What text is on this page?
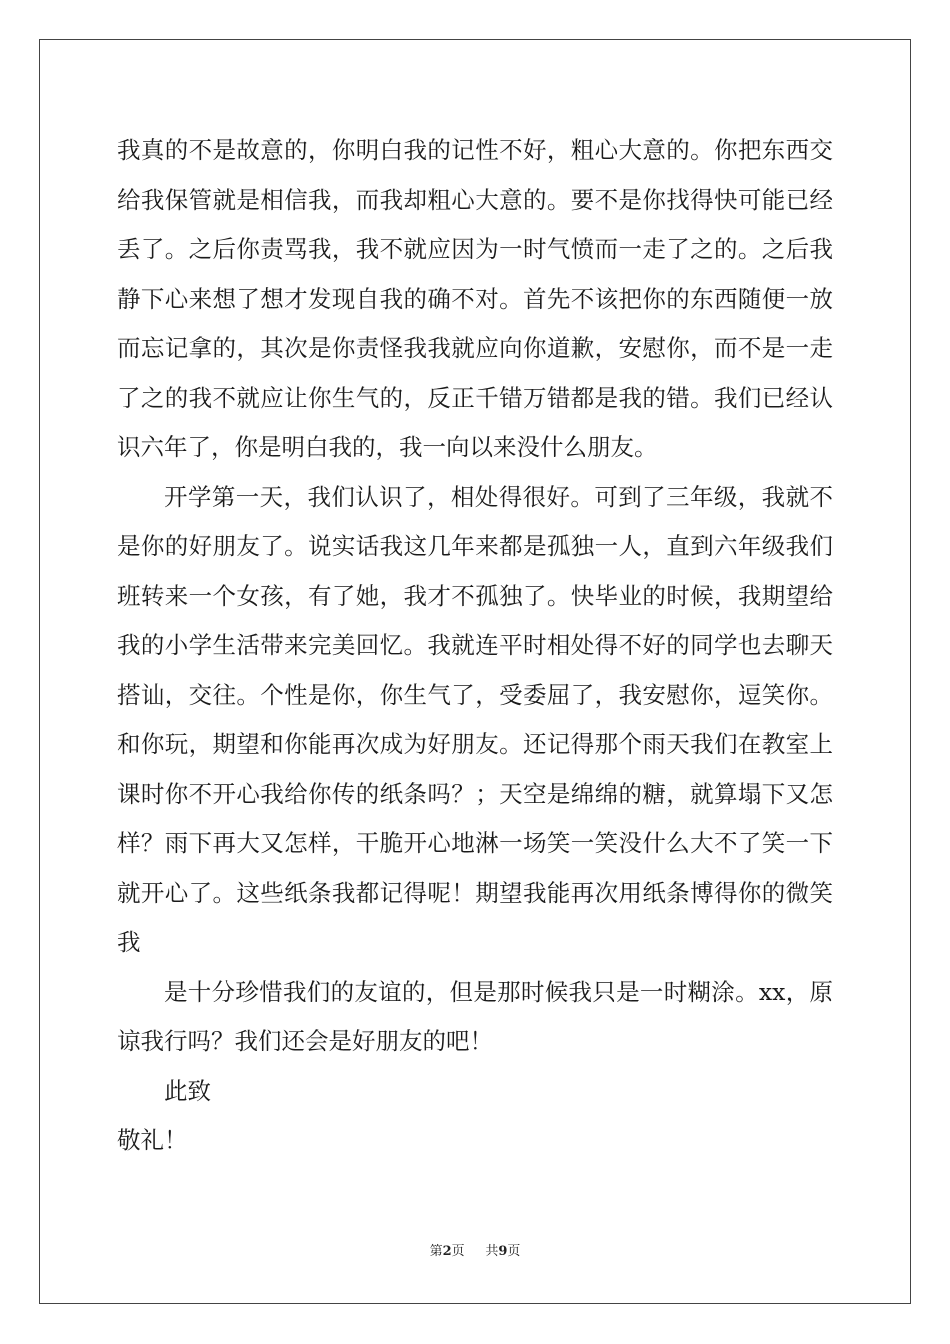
我真的不是故意的，你明白我的记性不好，粗心大意的。你把东西交
给我保管就是相信我，而我却粗心大意的。要不是你找得快可能已经
丢了。之后你责骂我，我不就应因为一时气愤而一走了之的。之后我
静下心来想了想才发现自我的确不对。首先不该把你的东西随便一放
而忘记拿的，其次是你责怪我我就应向你道歉，安慰你，而不是一走
了之的我不就应让你生气的，反正千错万错都是我的错。我们已经认
识六年了，你是明白我的，我一向以来没什么朋友。
开学第一天，我们认识了，相处得很好。可到了三年级，我就不
是你的好朋友了。说实话我这几年来都是孤独一人，直到六年级我们
班转来一个女孩，有了她，我才不孤独了。快毕业的时候，我期望给
我的小学生活带来完美回忆。我就连平时相处得不好的同学也去聊天
搭讪，交往。个性是你，你生气了，受委屈了，我安慰你，逗笑你。
和你玩，期望和你能再次成为好朋友。还记得那个雨天我们在教室上
课时你不开心我给你传的纸条吗？；天空是绵绵的糖，就算塌下又怎
样？雨下再大又怎样，干脆开心地淋一场笑一笑没什么大不了笑一下
就开心了。这些纸条我都记得呢！期望我能再次用纸条博得你的微笑
我
是十分珍惜我们的友谊的，但是那时候我只是一时糊涂。xx，原
谅我行吗？我们还会是好朋友的吧！
此致
敬礼！
第2页 共9页
